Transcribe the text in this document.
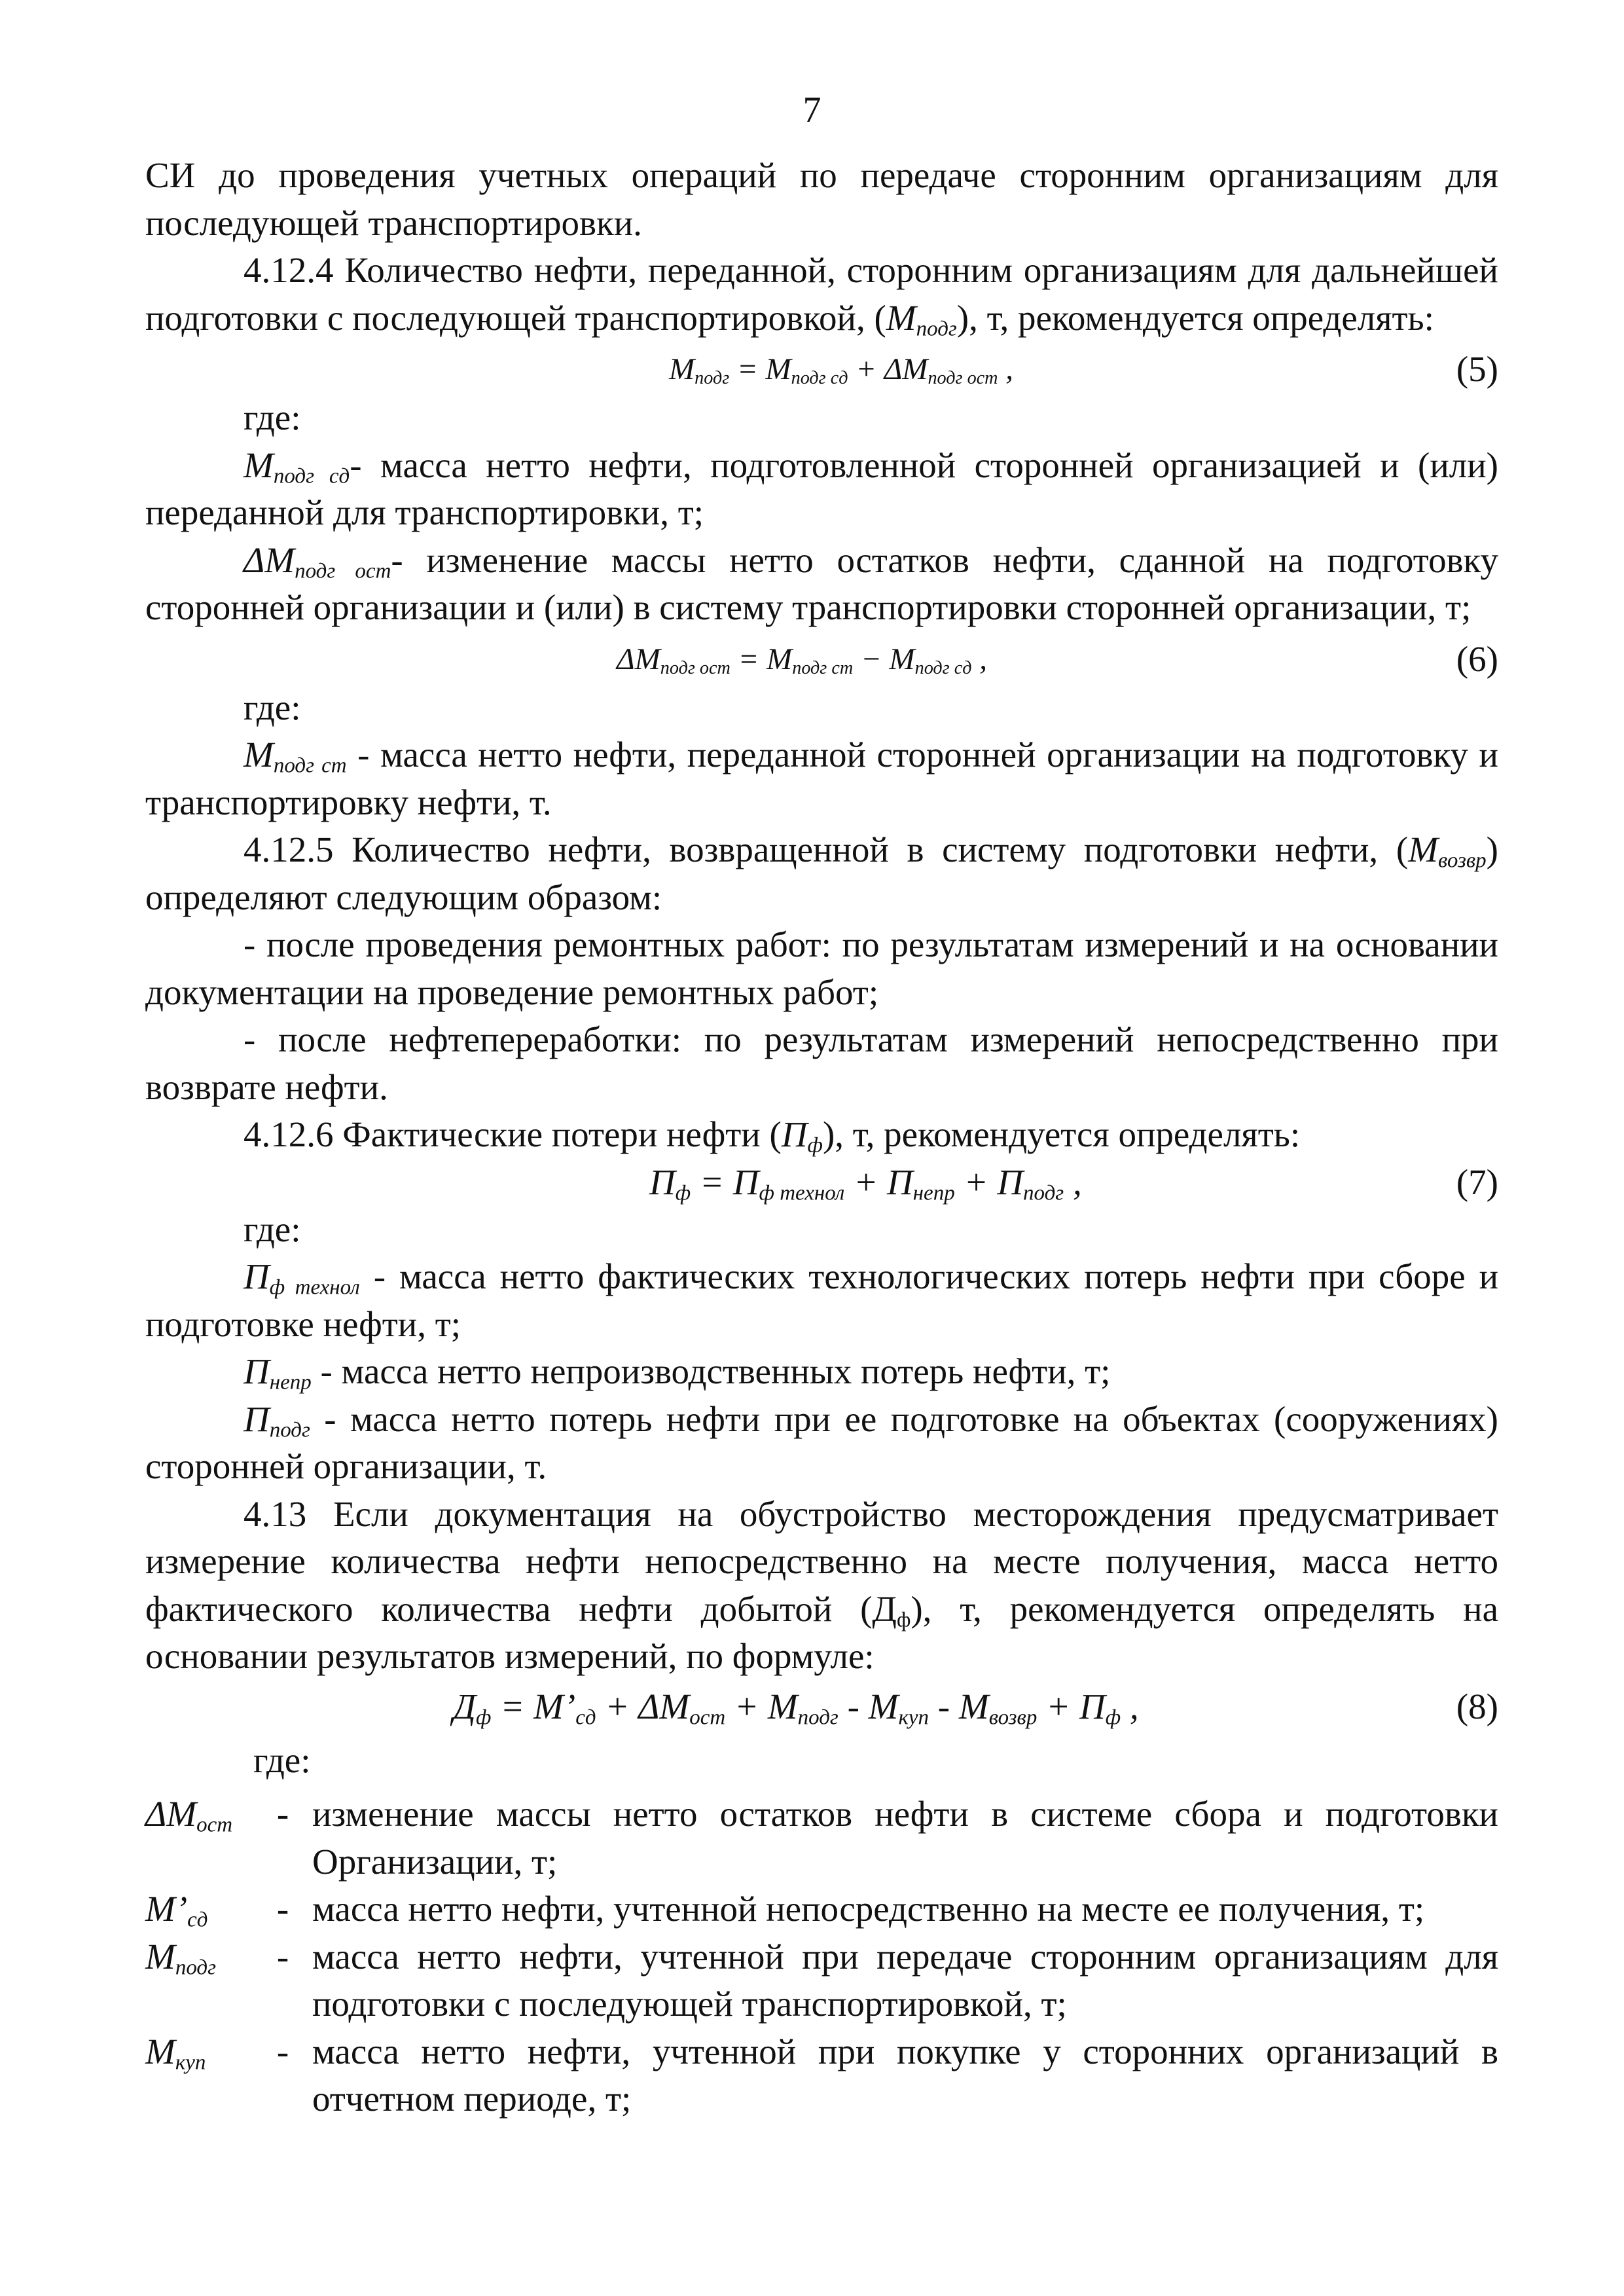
7

СИ до проведения учетных операций по передаче сторонним организациям для последующей транспортировки.

4.12.4 Количество нефти, переданной, сторонним организациям для дальнейшей подготовки с последующей транспортировкой, $(M_{подг})$, т, рекомендуется определять:

$M_{подг} = M_{подг сд} + \Delta M_{подг ост}$ ,	(5)

где:

$M_{подг сд}-$ масса нетто нефти, подготовленной сторонней организацией и (или) переданной для транспортировки, т;

$\Delta M_{подг ост}-$ изменение массы нетто остатков нефти, сданной на подготовку сторонней организации и (или) в систему транспортировки сторонней организации, т;

$\Delta M_{подг ост} = M_{подг ст} - M_{подг сд}$ ,	(6)

где:

$M_{подг ст}$ - масса нетто нефти, переданной сторонней организации на подготовку и транспортировку нефти, т.

4.12.5 Количество нефти, возвращенной в систему подготовки нефти, $(M_{возвр})$ определяют следующим образом:

- после проведения ремонтных работ: по результатам измерений и на основании документации на проведение ремонтных работ;

- после нефтепереработки: по результатам измерений непосредственно при возврате нефти.

4.12.6 Фактические потери нефти $(П_ф)$, т, рекомендуется определять:

$П_ф = П_{ф технол} + П_{непр} + П_{подг}$ ,	(7)

где:

$П_{ф технол}$ - масса нетто фактических технологических потерь нефти при сборе и подготовке нефти, т;

$П_{непр}$ - масса нетто непроизводственных потерь нефти, т;

$П_{подг}$ - масса нетто потерь нефти при ее подготовке на объектах (сооружениях) сторонней организации, т.

4.13 Если документация на обустройство месторождения предусматривает измерение количества нефти непосредственно на месте получения, масса нетто фактического количества нефти добытой $(Д_ф)$, т, рекомендуется определять на основании результатов измерений, по формуле:

$Д_ф$ = $M’_{сд} + \Delta M_{ост} + M_{подг} - M_{куп} - M_{возвр} + П_ф$ ,	(8)

где:

$\Delta M_{ост}$	- изменение массы нетто остатков нефти в системе сбора и подготовки Организации, т;
$M’_{сд}$	- масса нетто нефти, учтенной непосредственно на месте ее получения, т;
$M_{подг}$	- масса нетто нефти, учтенной при передаче сторонним организациям для подготовки с последующей транспортировкой, т;
$M_{куп}$	- масса нетто нефти, учтенной при покупке у сторонних организаций в отчетном периоде, т;
